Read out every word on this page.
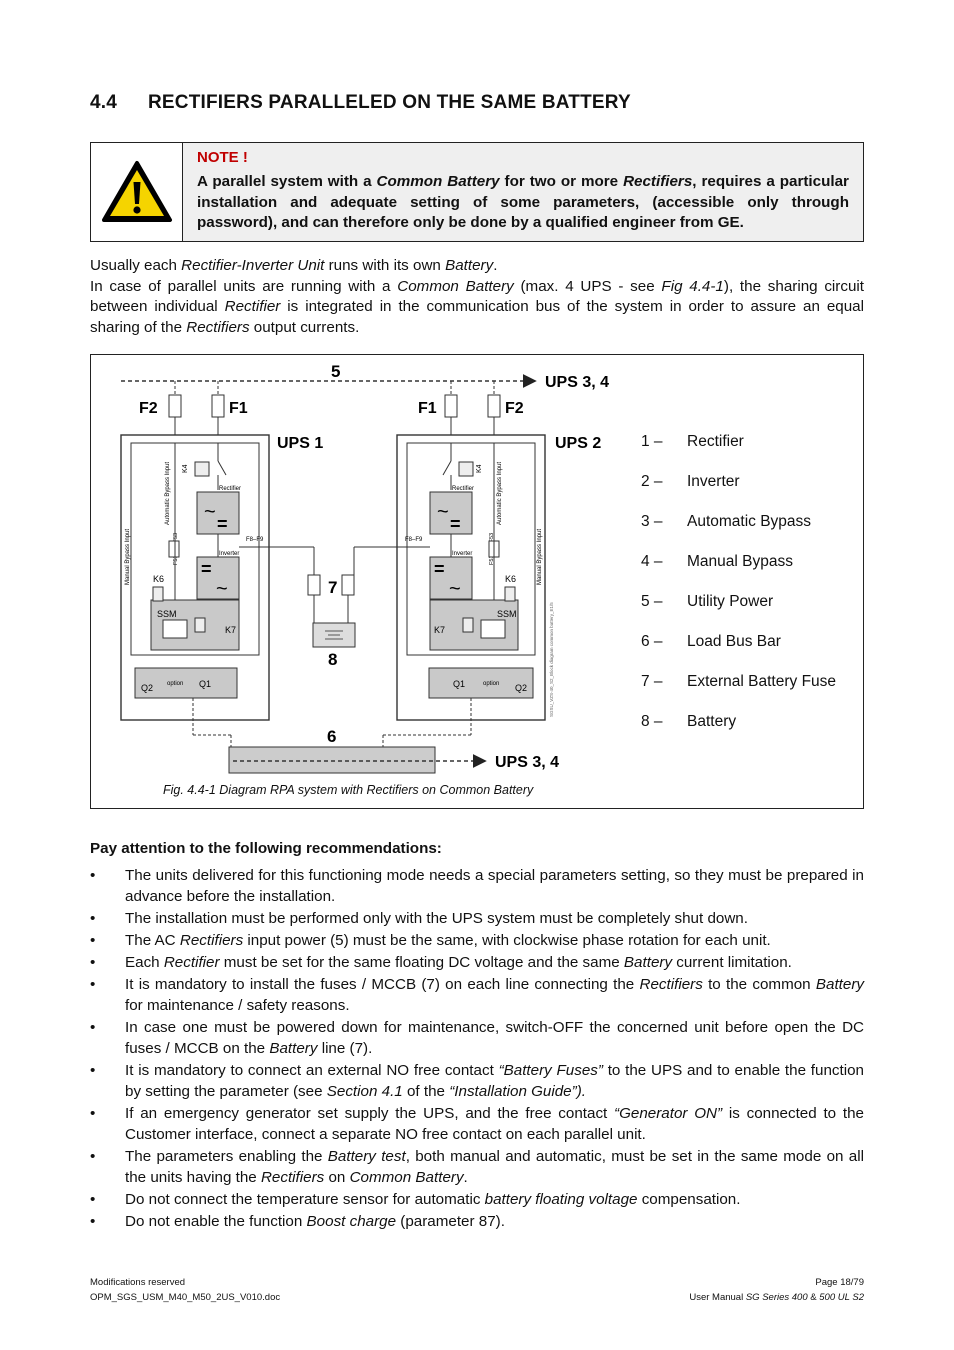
4.4 RECTIFIERS PARALLELED ON THE SAME BATTERY
NOTE !
A parallel system with a Common Battery for two or more Rectifiers, requires a particular installation and adequate setting of some parameters, (accessible only through password), and can therefore only be done by a qualified engineer from GE.
Usually each Rectifier-Inverter Unit runs with its own Battery.
In case of parallel units are running with a Common Battery (max. 4 UPS - see Fig 4.4-1), the sharing circuit between individual Rectifier is integrated in the communication bus of the system in order to assure an equal sharing of the Rectifiers output currents.
5
UPS 3, 4
F2	F1	F1	F2
UPS 1
K4
~
=
Rectifier
=
~
Inverter
F8–F9
Automatic Bypass Input
Manual Bypass Input K6
SSM
K7
Q2 option Q1
UPS 2
K4
~
=
Rectifier
=
~
Inverter
F8–F9
Automatic Bypass Input
Manual Bypass Input
K6
SSM
K7
Q1	option Q2	SGSU_VZS-40_S2_Block diagram common battery_E1/5
7
8
6
UPS 3, 4
1 –	Rectifier
2 –	Inverter
3 –	Automatic Bypass
4 –	Manual Bypass
5 –	Utility Power
6 –	Load Bus Bar
7 –	External Battery Fuse
8 –	Battery
Fig. 4.4-1 Diagram RPA system with Rectifiers on Common Battery
Pay attention to the following recommendations:
• The units delivered for this functioning mode needs a special parameters setting, so they must be prepared in advance before the installation.
• The installation must be performed only with the UPS system must be completely shut down.
• The AC Rectifiers input power (5) must be the same, with clockwise phase rotation for each unit.
• Each Rectifier must be set for the same floating DC voltage and the same Battery current limitation.
• It is mandatory to install the fuses / MCCB (7) on each line connecting the Rectifiers to the common Battery for maintenance / safety reasons.
• In case one must be powered down for maintenance, switch-OFF the concerned unit before open the DC fuses / MCCB on the Battery line (7).
• It is mandatory to connect an external NO free contact “Battery Fuses” to the UPS and to enable the function by setting the parameter (see Section 4.1 of the “Installation Guide”).
• If an emergency generator set supply the UPS, and the free contact “Generator ON” is connected to the Customer interface, connect a separate NO free contact on each parallel unit.
• The parameters enabling the Battery test, both manual and automatic, must be set in the same mode on all the units having the Rectifiers on Common Battery.
• Do not connect the temperature sensor for automatic battery floating voltage compensation.
• Do not enable the function Boost charge (parameter 87).
Modifications reserved	Page 18/79
OPM_SGS_USM_M40_M50_2US_V010.doc	User Manual SG Series 400 & 500 UL S2
